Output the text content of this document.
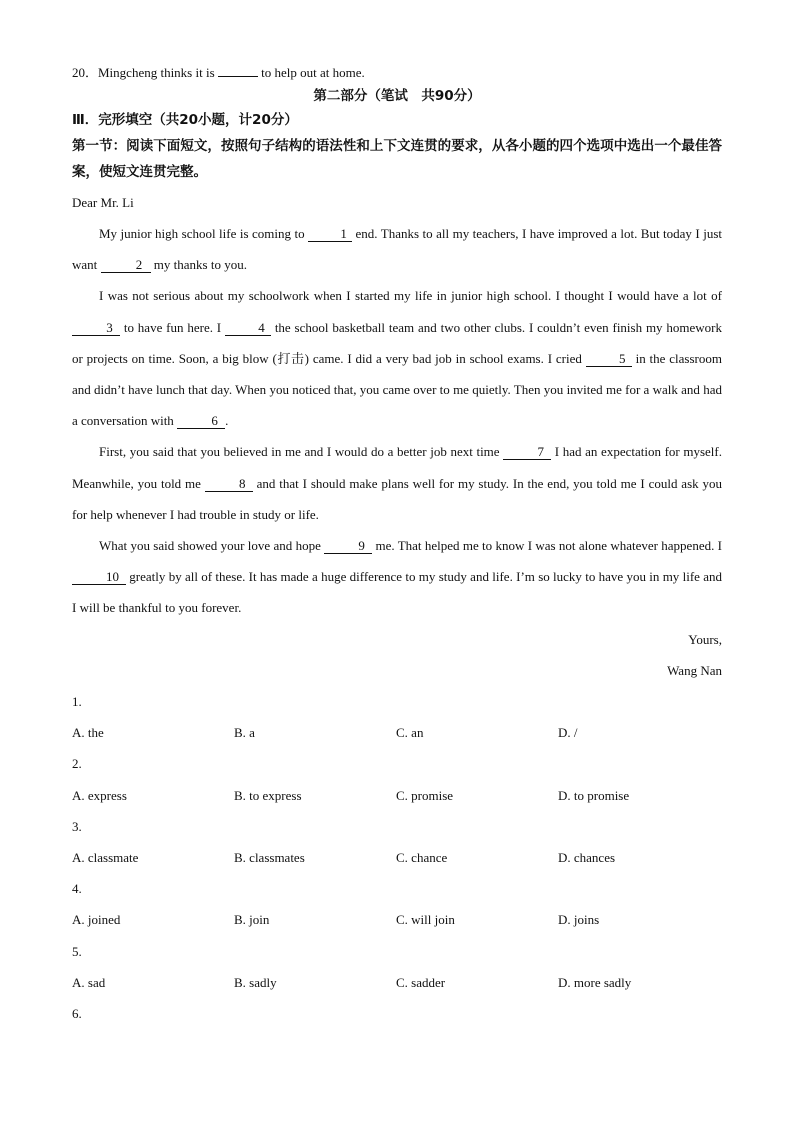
20．Mingcheng thinks it is	to help out at home.
第二部分（笔试　共90分）
Ⅲ．完形填空（共20小题，计20分）
第一节：阅读下面短文，按照句子结构的语法性和上下文连贯的要求，从各小题的四个选项中选出一个最佳答案，使短文连贯完整。
Dear Mr. Li
My junior high school life is coming to 1 end. Thanks to all my teachers, I have improved a lot. But today I just want	2 my thanks to you.
I was not serious about my schoolwork when I started my life in junior high school. I thought I would have a lot of 3 to have fun here. I	4 the school basketball team and two other clubs. I couldn’t even finish my homework or projects on time. Soon, a big blow (打击) came. I did a very bad job in school exams. I cried	5 in the classroom and didn’t have lunch that day. When you noticed that, you came over to me quietly. Then you invited me for a walk and had a conversation with	6 .
First, you said that you believed in me and I would do a better job next time	7 I had an expectation for myself. Meanwhile, you told me	8 and that I should make plans well for my study. In the end, you told me I could ask you for help whenever I had trouble in study or life.
What you said showed your love and hope	9 me. That helped me to know I was not alone whatever happened. I 10 greatly by all of these. It has made a huge difference to my study and life. I’m so lucky to have you in my life and I will be thankful to you forever.
Yours,
Wang Nan
1.
A. the	B. a	C. an	D. /
2.
A. express	B. to express	C. promise	D. to promise
3.
A. classmate	B. classmates	C. chance	D. chances
4.
A. joined	B. join	C. will join	D. joins
5.
A. sad	B. sadly	C. sadder	D. more sadly
6.
